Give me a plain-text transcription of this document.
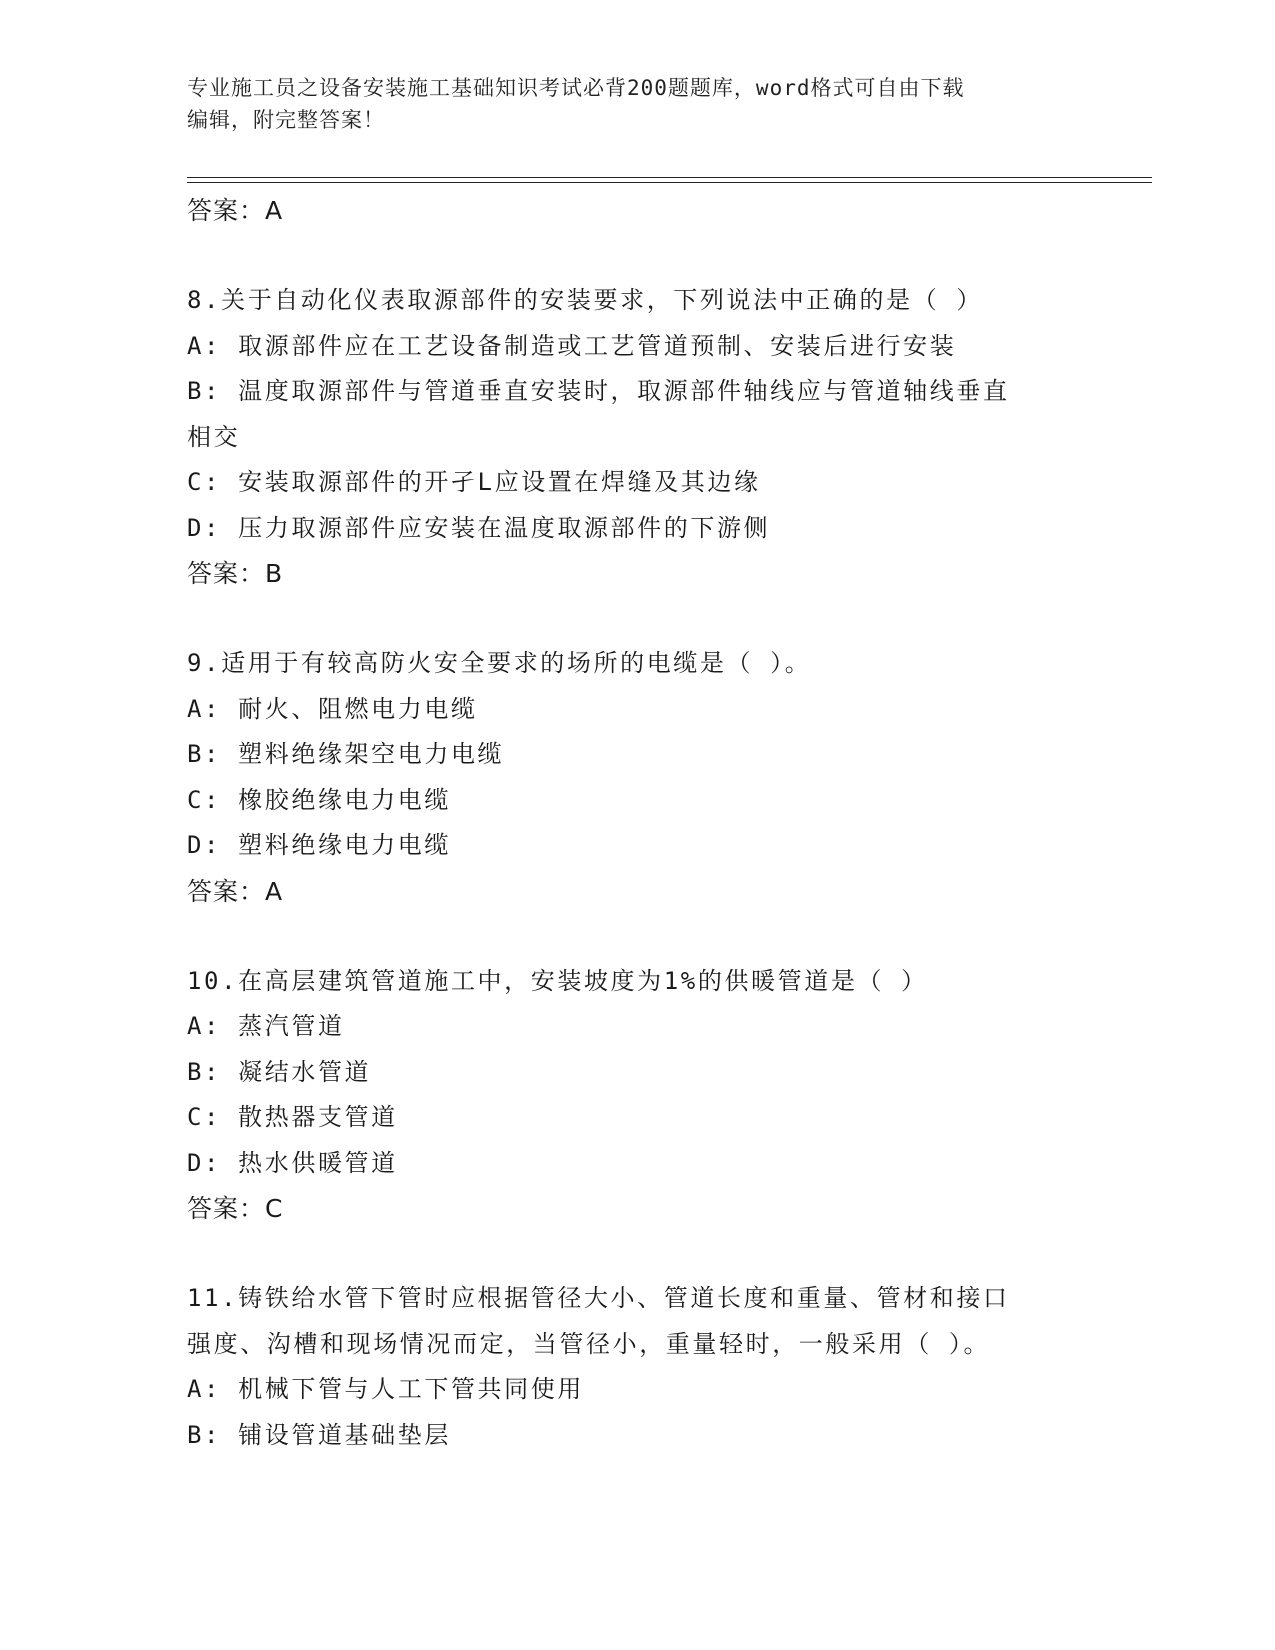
专业施工员之设备安装施工基础知识考试必背200题题库，word格式可自由下载
编辑，附完整答案！
答案：A
8.关于自动化仪表取源部件的安装要求，下列说法中正确的是（ ）
A: 取源部件应在工艺设备制造或工艺管道预制、安装后进行安装
B: 温度取源部件与管道垂直安装时，取源部件轴线应与管道轴线垂直
相交
C: 安装取源部件的开孑L应设置在焊缝及其边缘
D: 压力取源部件应安装在温度取源部件的下游侧
答案：B
9.适用于有较高防火安全要求的场所的电缆是（ ）。
A: 耐火、阻燃电力电缆
B: 塑料绝缘架空电力电缆
C: 橡胶绝缘电力电缆
D: 塑料绝缘电力电缆
答案：A
10.在高层建筑管道施工中，安装坡度为1%的供暖管道是（ ）
A: 蒸汽管道
B: 凝结水管道
C: 散热器支管道
D: 热水供暖管道
答案：C
11.铸铁给水管下管时应根据管径大小、管道长度和重量、管材和接口
强度、沟槽和现场情况而定，当管径小，重量轻时，一般采用（ ）。
A: 机械下管与人工下管共同使用
B: 铺设管道基础垫层
